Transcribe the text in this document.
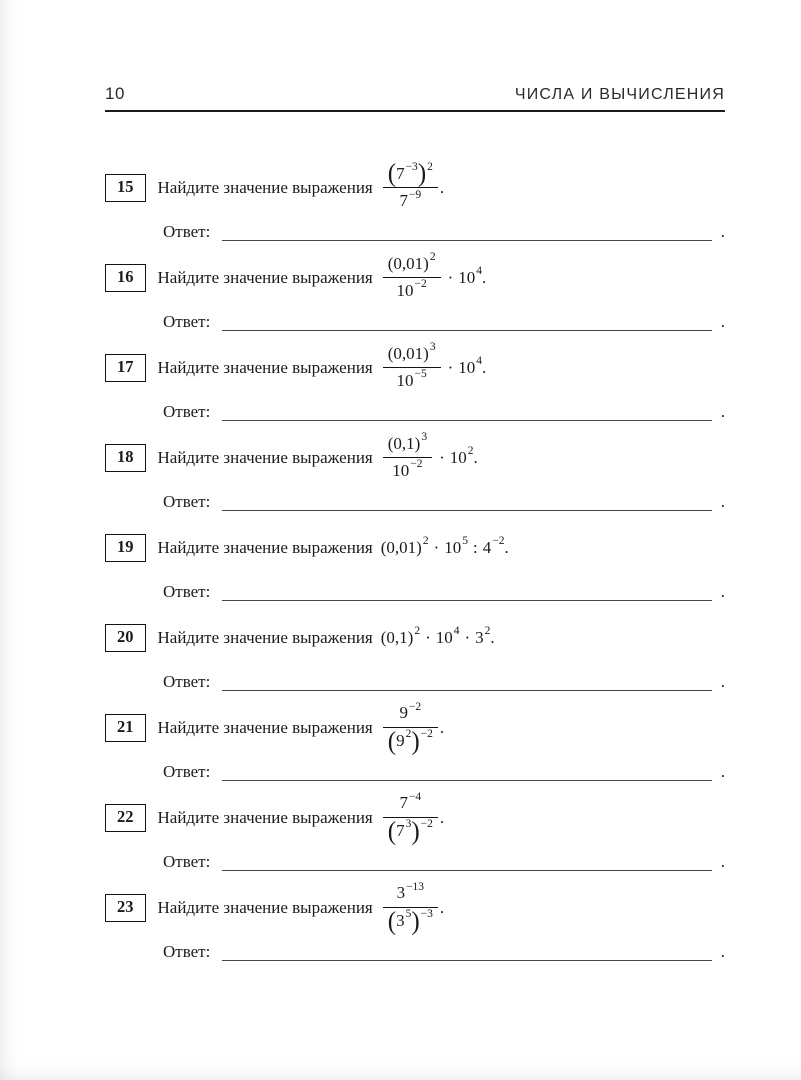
10	ЧИСЛА И ВЫЧИСЛЕНИЯ
15	Найдите значение выражения $\frac{( 7 -3 ) 2}{7 -9}$ .
Ответ:	.
16	Найдите значение выражения $\frac{(0,01) 2}{10 -2} \cdot 10$ 4 .
Ответ:	.
17	Найдите значение выражения $\frac{(0,01) 3}{10 -5} \cdot 10$ 4 .
Ответ:	.
18	Найдите значение выражения $\frac{(0,1) 3}{10 -2} \cdot 10$ 2 .
Ответ:	.
19	Найдите значение выражения (0,01) 2 · 10 5 : 4 −2 .
Ответ:	.
20	Найдите значение выражения (0,1) 2 · 10 4 · 3 2 .
Ответ:	.
21	Найдите значение выражения $\frac{9 -2}{( 9 2 ) -2}$ .
Ответ:	.
22	Найдите значение выражения $\frac{7 -4}{( 7 3 ) -2}$ .
Ответ:	.
23	Найдите значение выражения $\frac{3 -13}{( 3 5 ) -3}$ .
Ответ:	.
